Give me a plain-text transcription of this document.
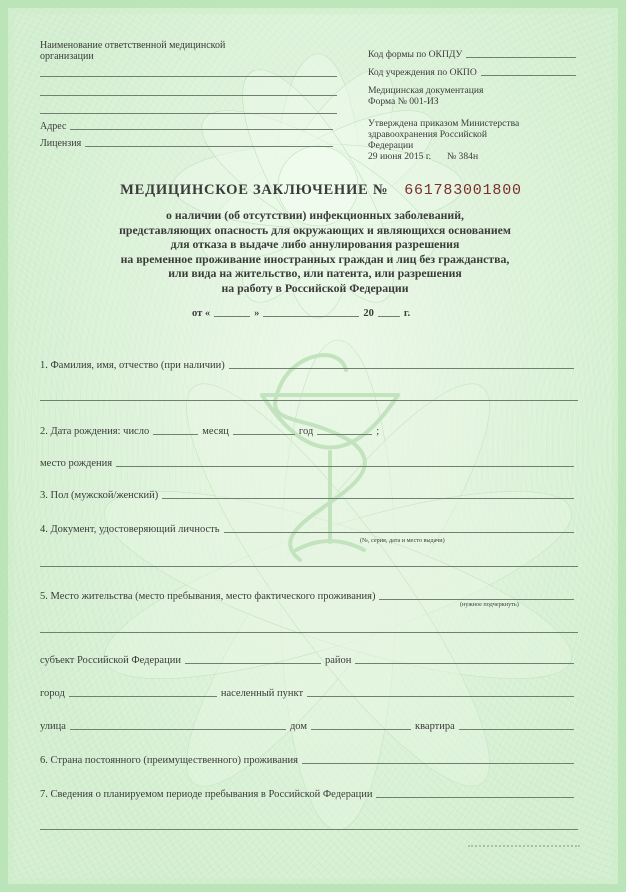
Наименование ответственной медицинской
организации
Адрес
Лицензия
Код формы по ОКПДУ
Код учреждения по ОКПО
Медицинская документация
Форма № 001-ИЗ
Утверждена приказом Министерства
здравоохранения Российской
Федерации
29 июня 2015 г. № 384н
МЕДИЦИНСКОЕ ЗАКЛЮЧЕНИЕ № 661783001800
о наличии (об отсутствии) инфекционных заболеваний,
представляющих опасность для окружающих и являющихся основанием
для отказа в выдаче либо аннулирования разрешения
на временное проживание иностранных граждан и лиц без гражданства,
или вида на жительство, или патента, или разрешения
на работу в Российской Федерации
от «	»	20	г.
1. Фамилия, имя, отчество (при наличии)
2. Дата рождения: число	месяц	год	;
место рождения
3. Пол (мужской/женский)
4. Документ, удостоверяющий личность
(№, серия, дата и место выдачи)
5. Место жительства (место пребывания, место фактического проживания)
(нужное подчеркнуть)
субъект Российской Федерации	район
город	населенный пункт
улица	дом	квартира
6. Страна постоянного (преимущественного) проживания
7. Сведения о планируемом периоде пребывания в Российской Федерации
